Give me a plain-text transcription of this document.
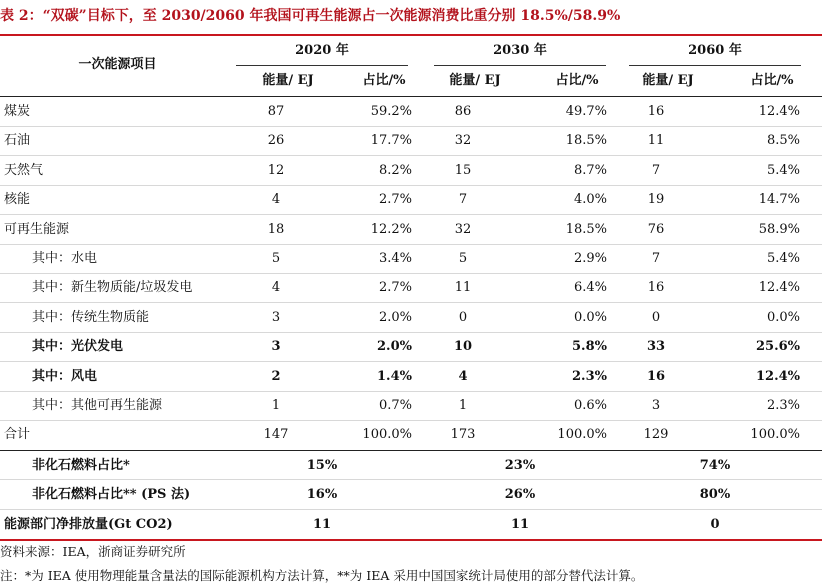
表 2：“双碳”目标下，至 2030/2060 年我国可再生能源占一次能源消费比重分别 18.5%/58.9%
一次能源项目
2020 年	2030 年	2060 年
能量/ EJ	占比/%	能量/ EJ	占比/%	能量/ EJ	占比/%
煤炭	87	59.2%	86	49.7%	16	12.4%
石油	26	17.7%	32	18.5%	11	8.5%
天然气	12	8.2%	15	8.7%	7	5.4%
核能	4	2.7%	7	4.0%	19	14.7%
可再生能源	18	12.2%	32	18.5%	76	58.9%
其中：水电	5	3.4%	5	2.9%	7	5.4%
其中：新生物质能/垃圾发电	4	2.7%	11	6.4%	16	12.4%
其中：传统生物质能	3	2.0%	0	0.0%	0	0.0%
其中：光伏发电	3	2.0%	10	5.8%	33	25.6%
其中：风电	2	1.4%	4	2.3%	16	12.4%
其中：其他可再生能源	1	0.7%	1	0.6%	3	2.3%
合计	147	100.0%	173	100.0%	129	100.0%
非化石燃料占比*	15%	23%	74%
非化石燃料占比** (PS 法)	16%	26%	80%
能源部门净排放量(Gt CO2)	11	11	0
资料来源：IEA，浙商证券研究所
注：*为 IEA 使用物理能量含量法的国际能源机构方法计算，**为 IEA 采用中国国家统计局使用的部分替代法计算。
